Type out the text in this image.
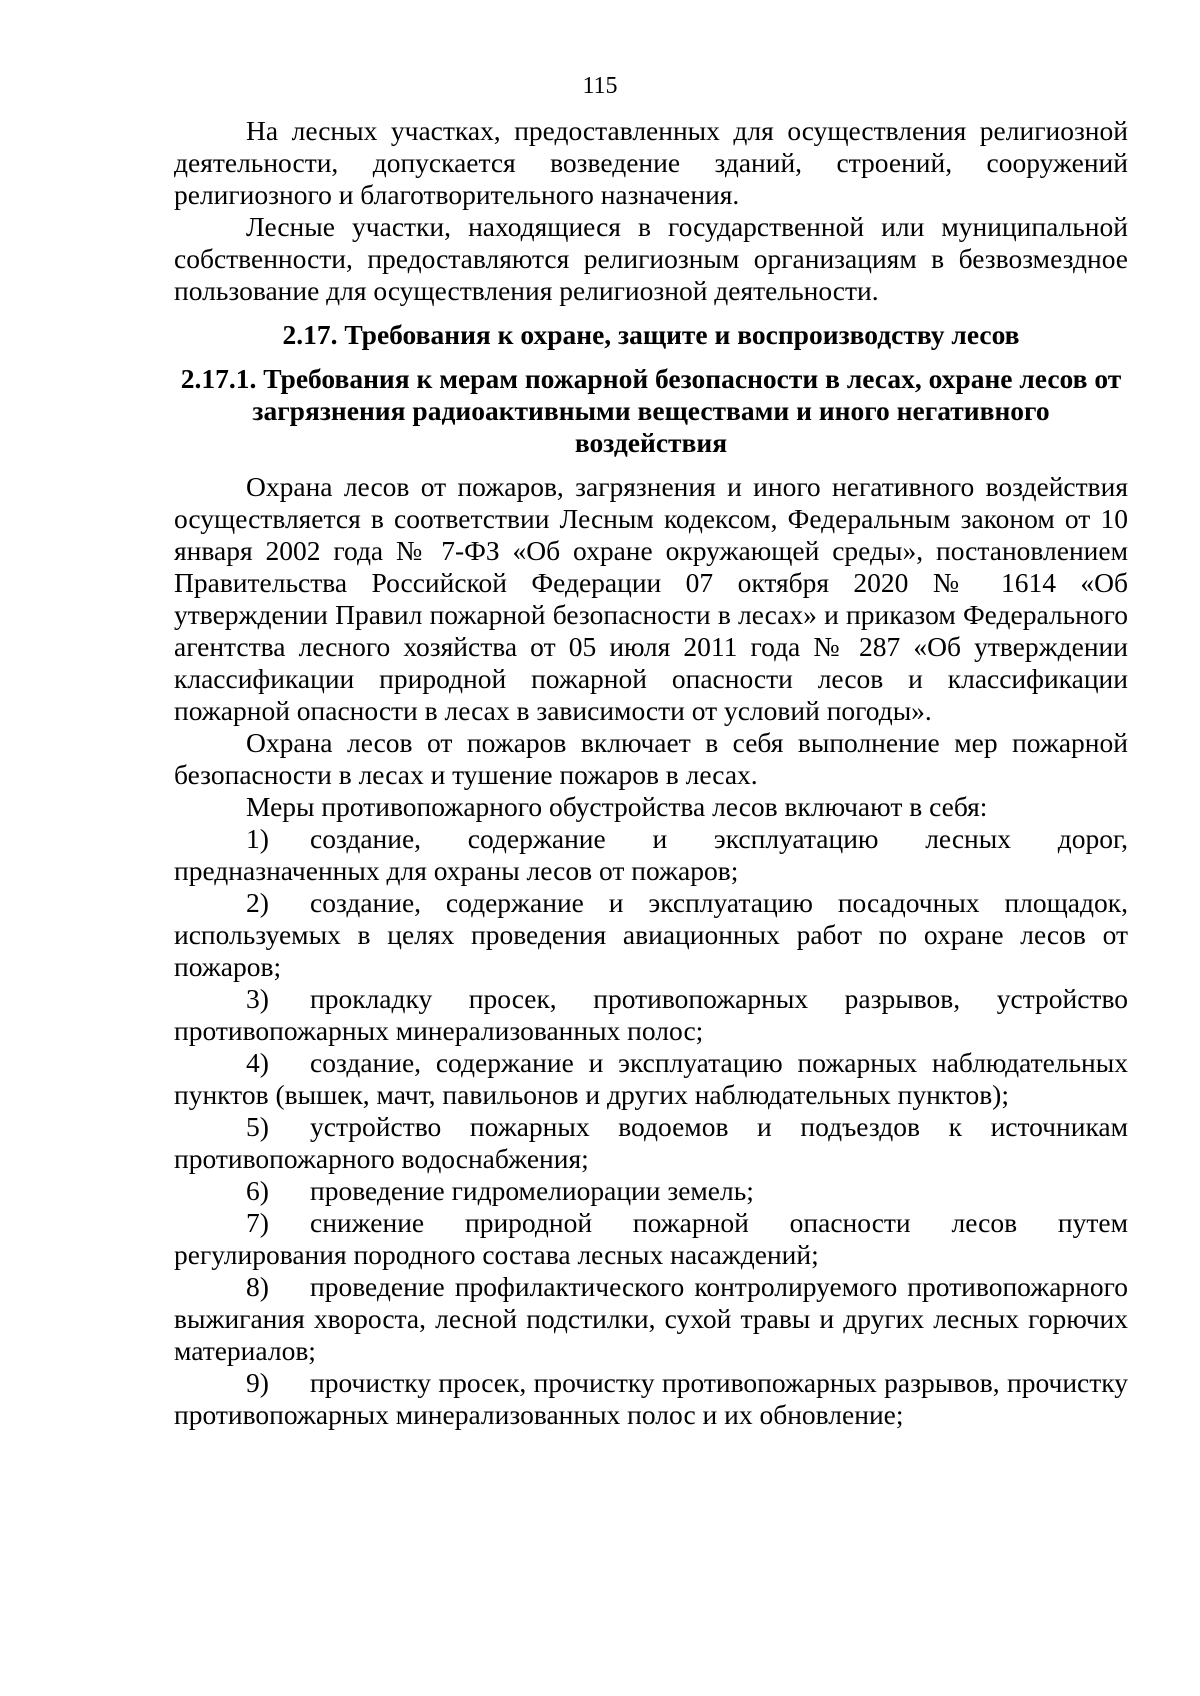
115

На лесных участках, предоставленных для осуществления религиозной деятельности, допускается возведение зданий, строений, сооружений религиозного и благотворительного назначения.

Лесные участки, находящиеся в государственной или муниципальной собственности, предоставляются религиозным организациям в безвозмездное пользование для осуществления религиозной деятельности.

2.17. Требования к охране, защите и воспроизводству лесов

2.17.1. Требования к мерам пожарной безопасности в лесах, охране лесов от загрязнения радиоактивными веществами и иного негативного воздействия

Охрана лесов от пожаров, загрязнения и иного негативного воздействия осуществляется в соответствии Лесным кодексом, Федеральным законом от 10 января 2002 года № 7-ФЗ «Об охране окружающей среды», постановлением Правительства Российской Федерации 07 октября 2020 № 1614 «Об утверждении Правил пожарной безопасности в лесах» и приказом Федерального агентства лесного хозяйства от 05 июля 2011 года № 287 «Об утверждении классификации природной пожарной опасности лесов и классификации пожарной опасности в лесах в зависимости от условий погоды».

Охрана лесов от пожаров включает в себя выполнение мер пожарной безопасности в лесах и тушение пожаров в лесах.

Меры противопожарного обустройства лесов включают в себя:

1) создание, содержание и эксплуатацию лесных дорог, предназначенных для охраны лесов от пожаров;

2) создание, содержание и эксплуатацию посадочных площадок, используемых в целях проведения авиационных работ по охране лесов от пожаров;

3) прокладку просек, противопожарных разрывов, устройство противопожарных минерализованных полос;

4) создание, содержание и эксплуатацию пожарных наблюдательных пунктов (вышек, мачт, павильонов и других наблюдательных пунктов);

5) устройство пожарных водоемов и подъездов к источникам противопожарного водоснабжения;

6) проведение гидромелиорации земель;

7) снижение природной пожарной опасности лесов путем регулирования породного состава лесных насаждений;

8) проведение профилактического контролируемого противопожарного выжигания хвороста, лесной подстилки, сухой травы и других лесных горючих материалов;

9) прочистку просек, прочистку противопожарных разрывов, прочистку противопожарных минерализованных полос и их обновление;
